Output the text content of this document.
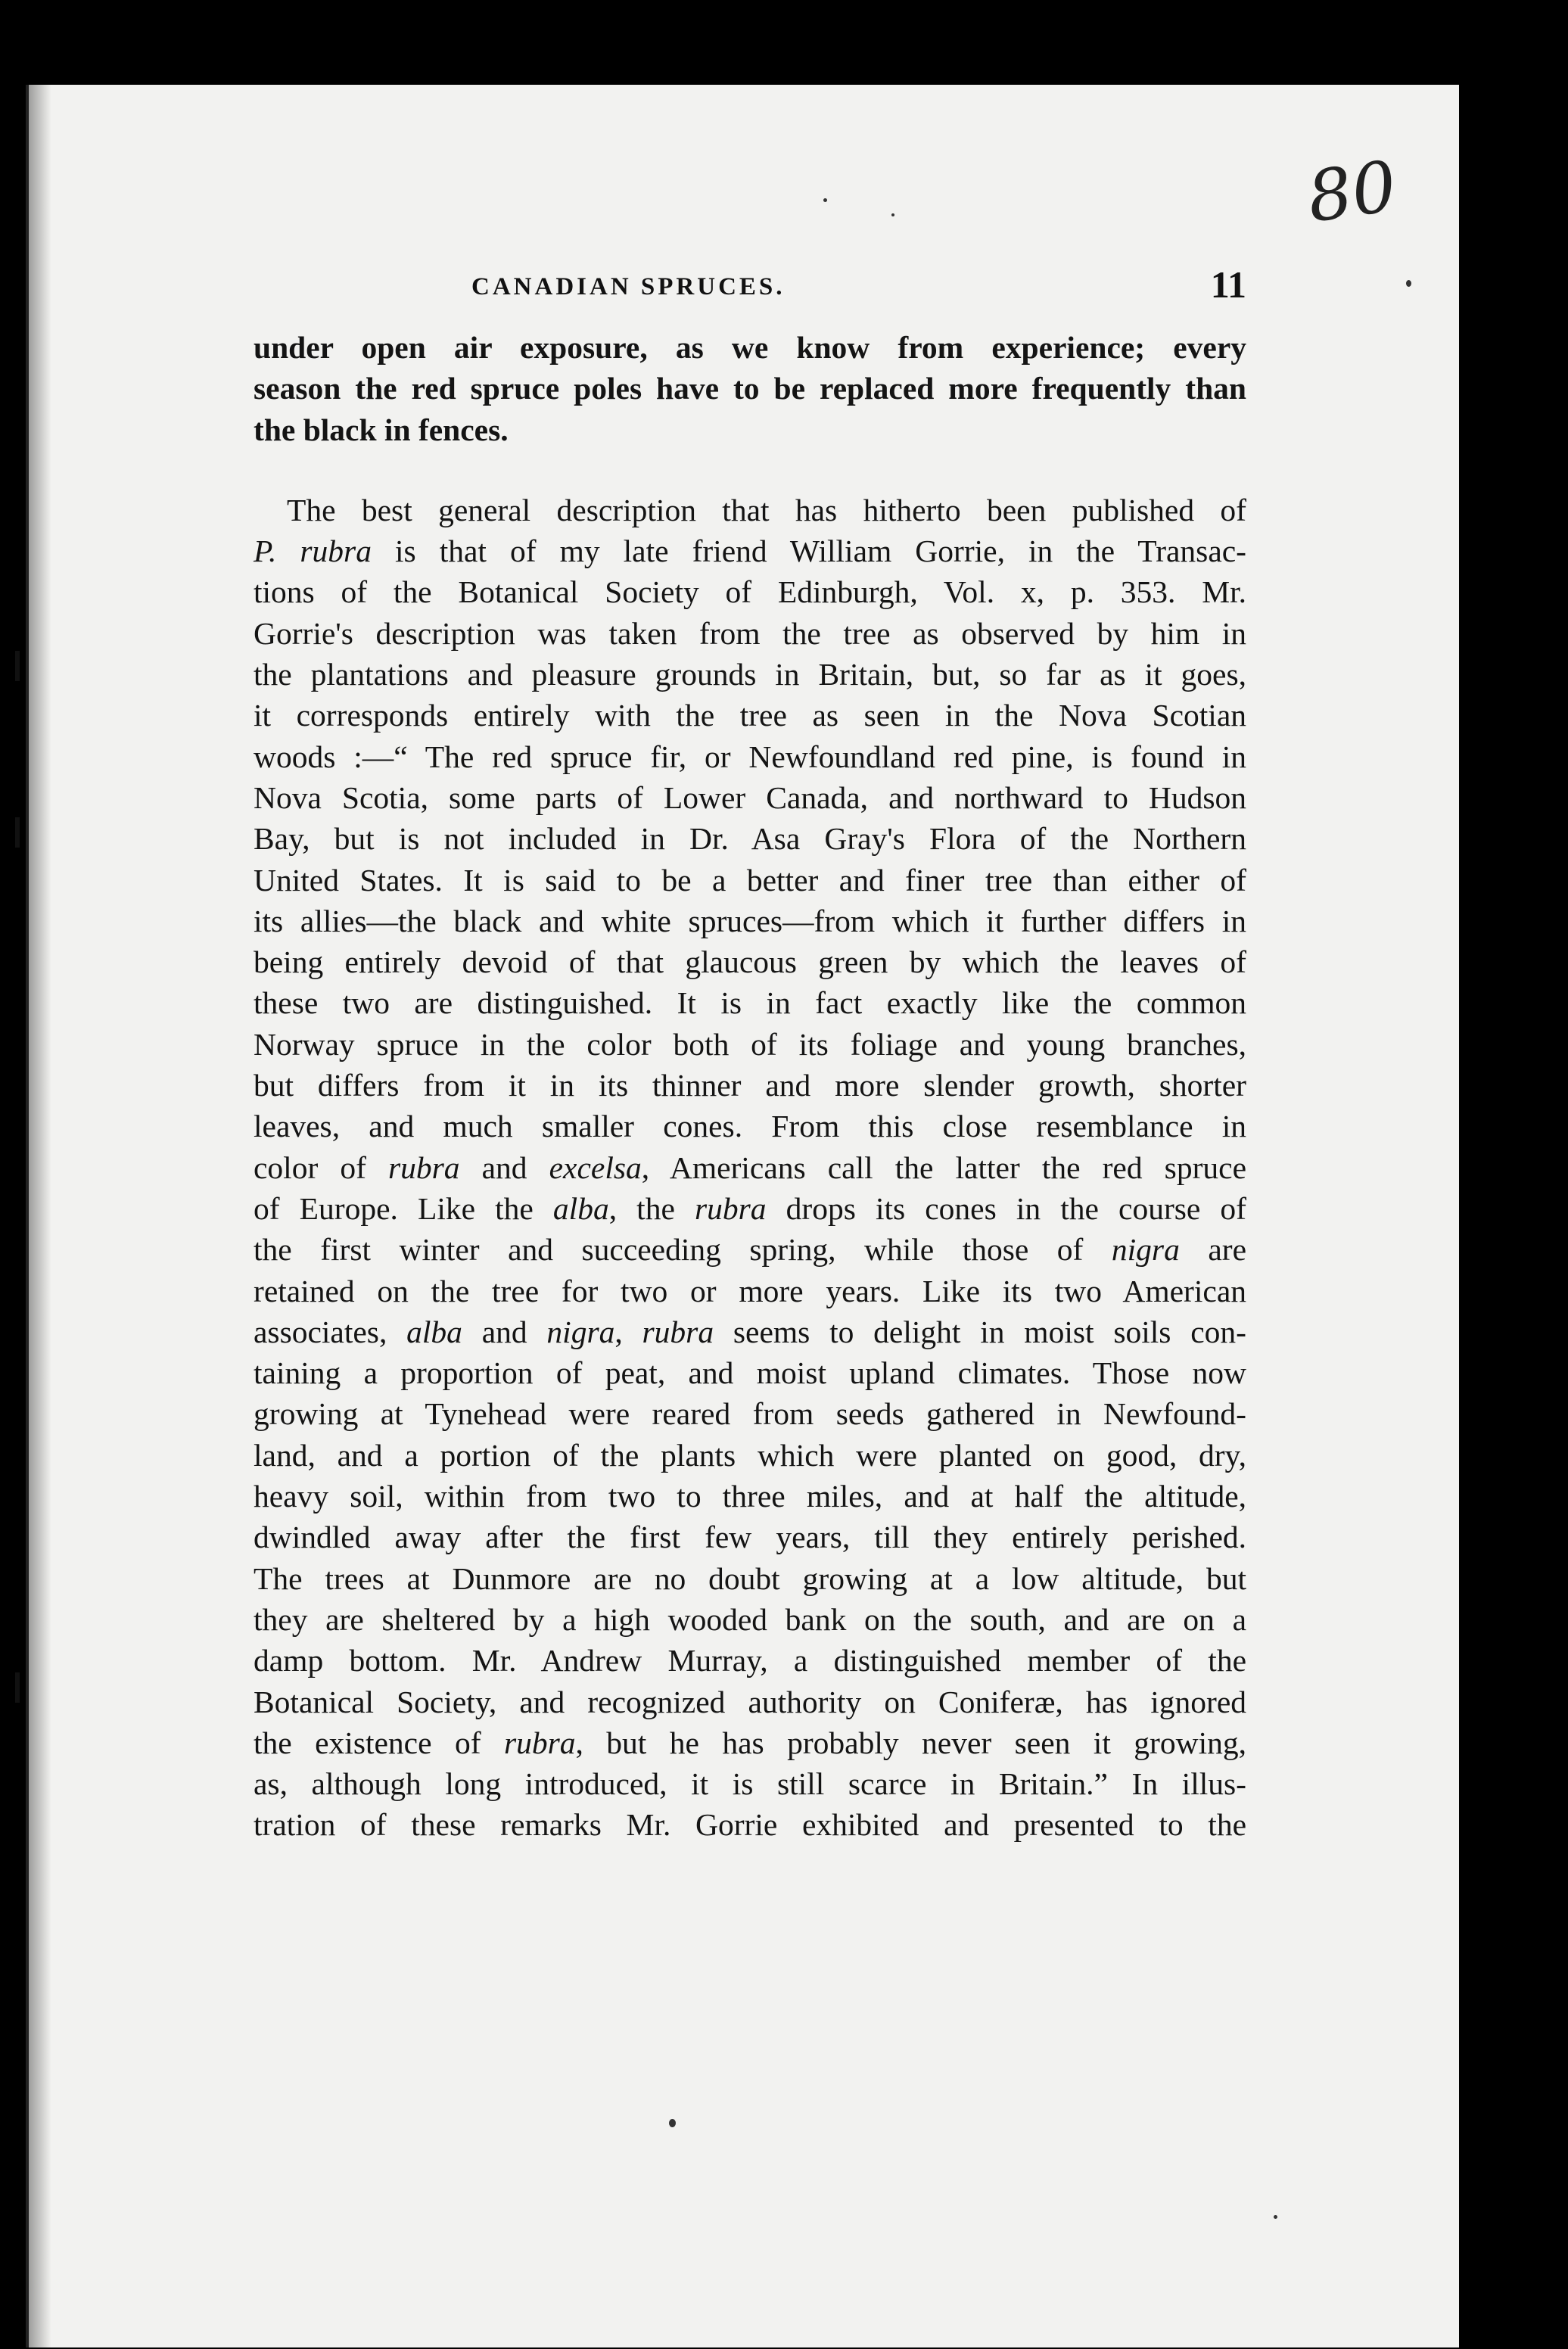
80
CANADIAN SPRUCES.	11
under open air exposure, as we know from experience; every
season the red spruce poles have to be replaced more frequently than
the black in fences.
The best general description that has hitherto been published of
P. rubra is that of my late friend William Gorrie, in the Transac-
tions of the Botanical Society of Edinburgh, Vol. x, p. 353. Mr.
Gorrie's description was taken from the tree as observed by him in
the plantations and pleasure grounds in Britain, but, so far as it goes,
it corresponds entirely with the tree as seen in the Nova Scotian
woods :—“ The red spruce fir, or Newfoundland red pine, is found in
Nova Scotia, some parts of Lower Canada, and northward to Hudson
Bay, but is not included in Dr. Asa Gray's Flora of the Northern
United States. It is said to be a better and finer tree than either of
its allies—the black and white spruces—from which it further differs in
being entirely devoid of that glaucous green by which the leaves of
these two are distinguished. It is in fact exactly like the common
Norway spruce in the color both of its foliage and young branches,
but differs from it in its thinner and more slender growth, shorter
leaves, and much smaller cones. From this close resemblance in
color of rubra and excelsa, Americans call the latter the red spruce
of Europe. Like the alba, the rubra drops its cones in the course of
the first winter and succeeding spring, while those of nigra are
retained on the tree for two or more years. Like its two American
associates, alba and nigra, rubra seems to delight in moist soils con-
taining a proportion of peat, and moist upland climates. Those now
growing at Tynehead were reared from seeds gathered in Newfound-
land, and a portion of the plants which were planted on good, dry,
heavy soil, within from two to three miles, and at half the altitude,
dwindled away after the first few years, till they entirely perished.
The trees at Dunmore are no doubt growing at a low altitude, but
they are sheltered by a high wooded bank on the south, and are on a
damp bottom. Mr. Andrew Murray, a distinguished member of the
Botanical Society, and recognized authority on Coniferæ, has ignored
the existence of rubra, but he has probably never seen it growing,
as, although long introduced, it is still scarce in Britain.” In illus-
tration of these remarks Mr. Gorrie exhibited and presented to the
